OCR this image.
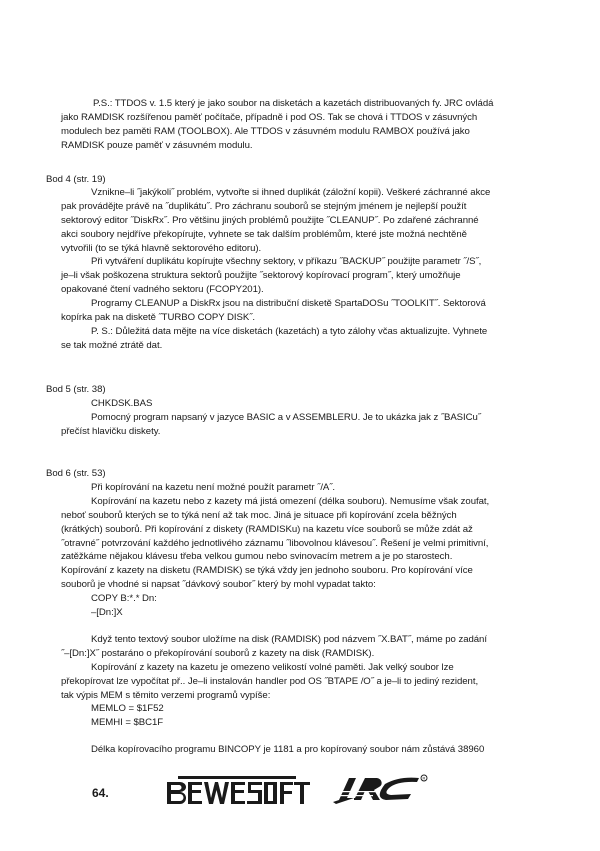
P.S.: TTDOS v. 1.5 který je jako soubor na disketách a kazetách distribuovaných fy. JRC ovládá
jako RAMDISK rozšířenou paměť počítače, případně i pod OS. Tak se chová i TTDOS v zásuvných
modulech bez paměti RAM (TOOLBOX). Ale TTDOS v zásuvném modulu RAMBOX používá jako
RAMDISK pouze paměť v zásuvném modulu.
Bod 4 (str. 19)
Vznikne–li ˝jakýkoli˝ problém, vytvořte si ihned duplikát (záložní kopii). Veškeré záchranné akce
pak provádějte právě na ˝duplikátu˝. Pro záchranu souborů se stejným jménem je nejlepší použít
sektorový editor ˝DiskRx˝. Pro většinu jiných problémů použijte ˝CLEANUP˝. Po zdařené záchranné
akci soubory nejdříve překopírujte, vyhnete se tak dalším problémům, které jste možná nechtěně
vytvořili (to se týká hlavně sektorového editoru).
Při vytváření duplikátu kopírujte všechny sektory, v příkazu ˝BACKUP˝ použijte parametr ˝/S˝,
je–li však poškozena struktura sektorů použijte ˝sektorový kopírovací program˝, který umožňuje
opakované čtení vadného sektoru (FCOPY201).
Programy CLEANUP a DiskRx jsou na distribuční disketě SpartaDOSu ˝TOOLKIT˝. Sektorová
kopírka pak na disketě ˝TURBO COPY DISK˝.
P. S.: Důležitá data mějte na více disketách (kazetách) a tyto zálohy včas aktualizujte. Vyhnete
se tak možné ztrátě dat.
Bod 5 (str. 38)
CHKDSK.BAS
Pomocný program napsaný v jazyce BASIC a v ASSEMBLERU. Je to ukázka jak z ˝BASICu˝
přečíst hlavičku diskety.
Bod 6 (str. 53)
Při kopírování na kazetu není možné použít parametr ˝/A˝.
Kopírování na kazetu nebo z kazety má jistá omezení (délka souboru). Nemusíme však zoufat,
neboť souborů kterých se to týká není až tak moc. Jiná je situace při kopírování zcela běžných
(krátkých) souborů. Při kopírování z diskety (RAMDISKu) na kazetu více souborů se může zdát až
˝otravné˝ potvrzování každého jednotlivého záznamu ˝libovolnou klávesou˝. Řešení je velmi primitivní,
zatěžkáme nějakou klávesu třeba velkou gumou nebo svinovacím metrem a je po starostech.
Kopírování z kazety na disketu (RAMDISK) se týká vždy jen jednoho souboru. Pro kopírování více
souborů je vhodné si napsat ˝dávkový soubor˝ který by mohl vypadat takto:
COPY B:*.* Dn:
–[Dn:]X
Když tento textový soubor uložíme na disk (RAMDISK) pod názvem ˝X.BAT˝, máme po zadání
˝–[Dn:]X˝ postaráno o překopírování souborů z kazety na disk (RAMDISK).
Kopírování z kazety na kazetu je omezeno velikostí volné paměti. Jak velký soubor lze
překopírovat lze vypočítat př.. Je–li instalován handler pod OS ˝BTAPE /O˝ a je–li to jediný rezident,
tak výpis MEM s těmito verzemi programů vypíše:
MEMLO = $1F52
MEMHI = $BC1F
Délka kopírovacího programu BINCOPY je 1181 a pro kopírovaný soubor nám zůstává 38960
64.
R
